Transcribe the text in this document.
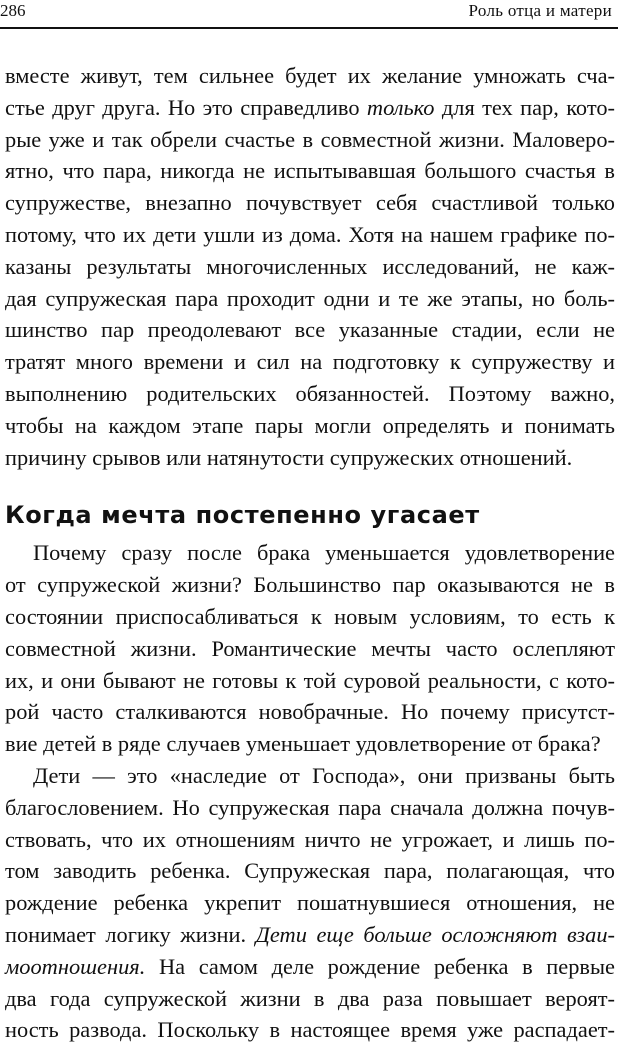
286	Роль отца и матери
вместе живут, тем сильнее будет их желание умножать сча-
стье друг друга. Но это справедливо только для тех пар, кото-
рые уже и так обрели счастье в совместной жизни. Маловеро-
ятно, что пара, никогда не испытывавшая большого счастья в
супружестве, внезапно почувствует себя счастливой только
потому, что их дети ушли из дома. Хотя на нашем графике по-
казаны результаты многочисленных исследований, не каж-
дая супружеская пара проходит одни и те же этапы, но боль-
шинство пар преодолевают все указанные стадии, если не
тратят много времени и сил на подготовку к супружеству и
выполнению родительских обязанностей. Поэтому важно,
чтобы на каждом этапе пары могли определять и понимать
причину срывов или натянутости супружеских отношений.
Когда мечта постепенно угасает
Почему сразу после брака уменьшается удовлетворение
от супружеской жизни? Большинство пар оказываются не в
состоянии приспосабливаться к новым условиям, то есть к
совместной жизни. Романтические мечты часто ослепляют
их, и они бывают не готовы к той суровой реальности, с кото-
рой часто сталкиваются новобрачные. Но почему присутст-
вие детей в ряде случаев уменьшает удовлетворение от брака?
Дети — это «наследие от Господа», они призваны быть
благословением. Но супружеская пара сначала должна почув-
ствовать, что их отношениям ничто не угрожает, и лишь по-
том заводить ребенка. Супружеская пара, полагающая, что
рождение ребенка укрепит пошатнувшиеся отношения, не
понимает логику жизни. Дети еще больше осложняют взаи-
моотношения. На самом деле рождение ребенка в первые
два года супружеской жизни в два раза повышает вероят-
ность развода. Поскольку в настоящее время уже распадает-
